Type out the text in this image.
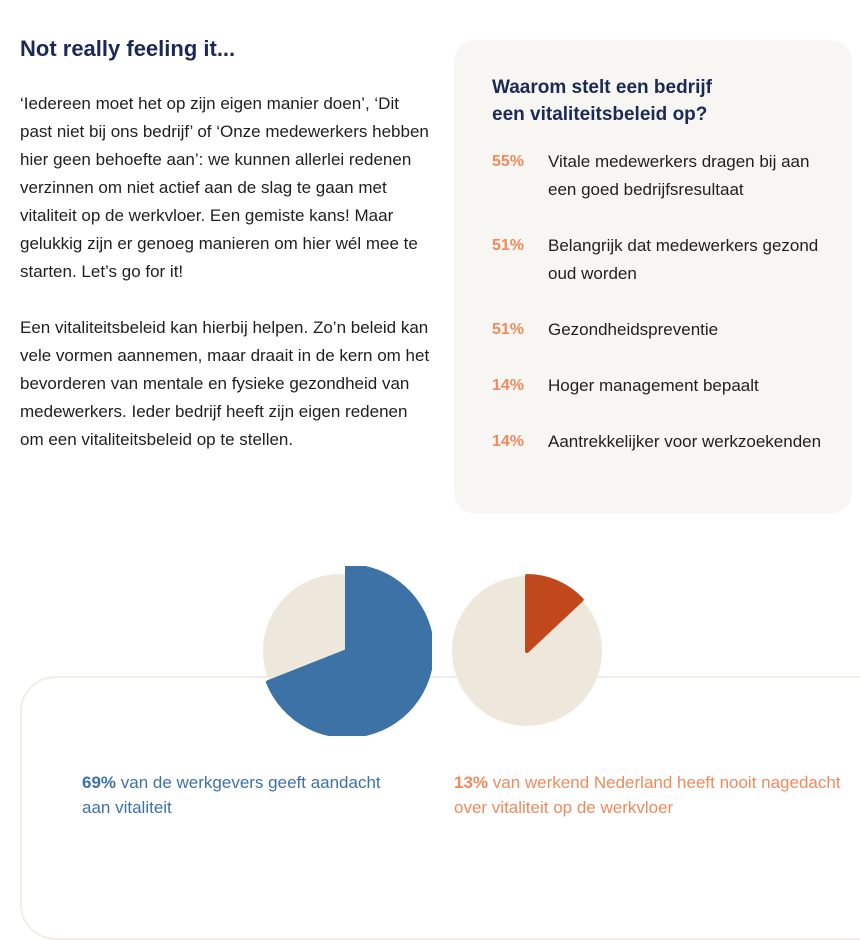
Not really feeling it...

‘Iedereen moet het op zijn eigen manier doen’, ‘Dit past niet bij ons bedrijf’ of ‘Onze medewerkers hebben hier geen behoefte aan’: we kunnen allerlei redenen verzinnen om niet actief aan de slag te gaan met vitaliteit op de werkvloer. Een gemiste kans! Maar gelukkig zijn er genoeg manieren om hier wél mee te starten. Let’s go for it!

Een vitaliteitsbeleid kan hierbij helpen. Zo’n beleid kan vele vormen aannemen, maar draait in de kern om het bevorderen van mentale en fysieke gezondheid van medewerkers. Ieder bedrijf heeft zijn eigen redenen om een vitaliteitsbeleid op te stellen.

Waarom stelt een bedrijf
een vitaliteitsbeleid op?
55% Vitale medewerkers dragen bij aan een goed bedrijfsresultaat
51% Belangrijk dat medewerkers gezond oud worden
51% Gezondheidspreventie
14% Hoger management bepaalt
14% Aantrekkelijker voor werkzoekenden
69% van de werkgevers geeft aandacht aan vitaliteit
13% van werkend Nederland heeft nooit nagedacht over vitaliteit op de werkvloer
